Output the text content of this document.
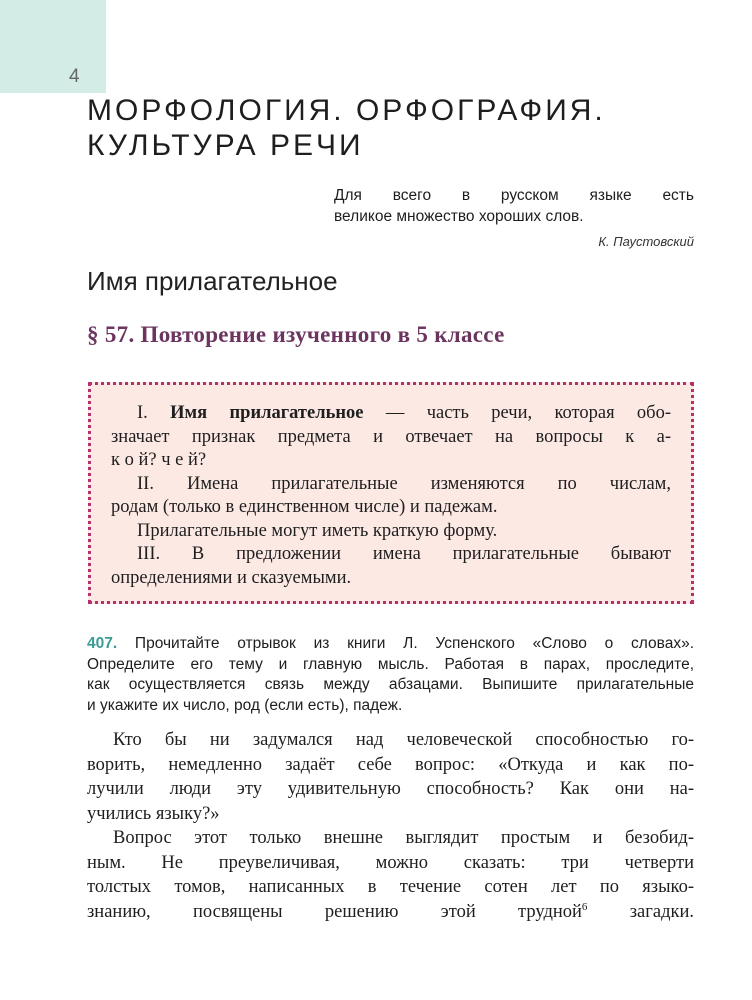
4
МОРФОЛОГИЯ. ОРФОГРАФИЯ.
КУЛЬТУРА РЕЧИ
Для всего в русском языке есть
великое множество хороших слов.
К. Паустовский
Имя прилагательное
§ 57. Повторение изученного в 5 классе

I. Имя прилагательное — часть речи, которая обо-
значает признак предмета и отвечает на вопросы к а-
к о й? ч е й?

II. Имена прилагательные изменяются по числам,
родам (только в единственном числе) и падежам.

Прилагательные могут иметь краткую форму.

III. В предложении имена прилагательные бывают
определениями и сказуемыми.

407. Прочитайте отрывок из книги Л. Успенского «Слово о словах».
Определите его тему и главную мысль. Работая в парах, проследите,
как осуществляется связь между абзацами. Выпишите прилагательные
и укажите их число, род (если есть), падеж.
Кто бы ни задумался над человеческой способностью го-
ворить, немедленно задаёт себе вопрос: «Откуда и как по-
лучили люди эту удивительную способность? Как они на-
учились языку?»
Вопрос этот только внешне выглядит простым и безобид-
ным. Не преувеличивая, можно сказать: три четверти
толстых томов, написанных в течение сотен лет по языко-
знанию, посвящены решению этой трудной$^6$ загадки.
